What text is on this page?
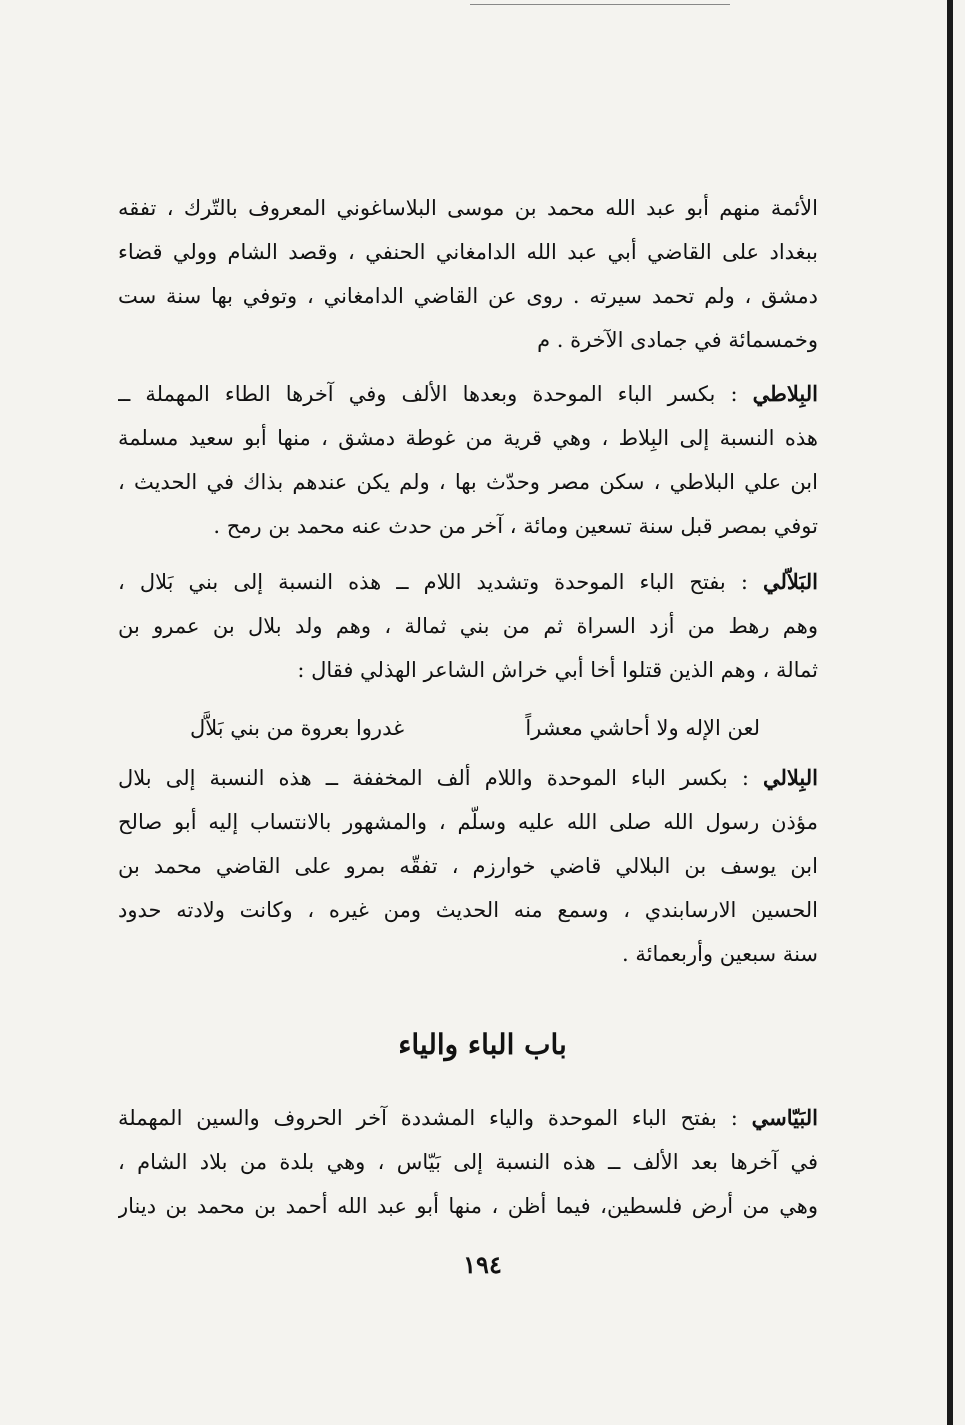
الأئمة منهم أبو عبد الله محمد بن موسى البلاساغوني المعروف بالتّرك ، تفقه
ببغداد على القاضي أبي عبد الله الدامغاني الحنفي ، وقصد الشام وولي قضاء
دمشق ، ولم تحمد سيرته . روى عن القاضي الدامغاني ، وتوفي بها سنة ست
وخمسمائة في جمادى الآخرة . م
البِلاطي : بكسر الباء الموحدة وبعدها الألف وفي آخرها الطاء المهملة ــ
هذه النسبة إلى البِلاط ، وهي قرية من غوطة دمشق ، منها أبو سعيد مسلمة
ابن علي البلاطي ، سكن مصر وحدّث بها ، ولم يكن عندهم بذاك في الحديث ،
توفي بمصر قبل سنة تسعين ومائة ، آخر من حدث عنه محمد بن رمح .
البَلاّلي : بفتح الباء الموحدة وتشديد اللام ــ هذه النسبة إلى بني بَلال ،
وهم رهط من أزد السراة ثم من بني ثمالة ، وهم ولد بلال بن عمرو بن
ثمالة ، وهم الذين قتلوا أخا أبي خراش الشاعر الهذلي فقال :
لعن الإله ولا أحاشي معشراً
غدروا بعروة من بني بَلاَّل
البِلالي : بكسر الباء الموحدة واللام ألف المخففة ــ هذه النسبة إلى بلال
مؤذن رسول الله صلى الله عليه وسلّم ، والمشهور بالانتساب إليه أبو صالح
ابن يوسف بن البلالي قاضي خوارزم ، تفقّه بمرو على القاضي محمد بن
الحسين الارسابندي ، وسمع منه الحديث ومن غيره ، وكانت ولادته حدود
سنة سبعين وأربعمائة .
باب الباء والياء
البَيّاسي : بفتح الباء الموحدة والياء المشددة آخر الحروف والسين المهملة
في آخرها بعد الألف ــ هذه النسبة إلى بَيّاس ، وهي بلدة من بلاد الشام ،
وهي من أرض فلسطين، فيما أظن ، منها أبو عبد الله أحمد بن محمد بن دينار
١٩٤
